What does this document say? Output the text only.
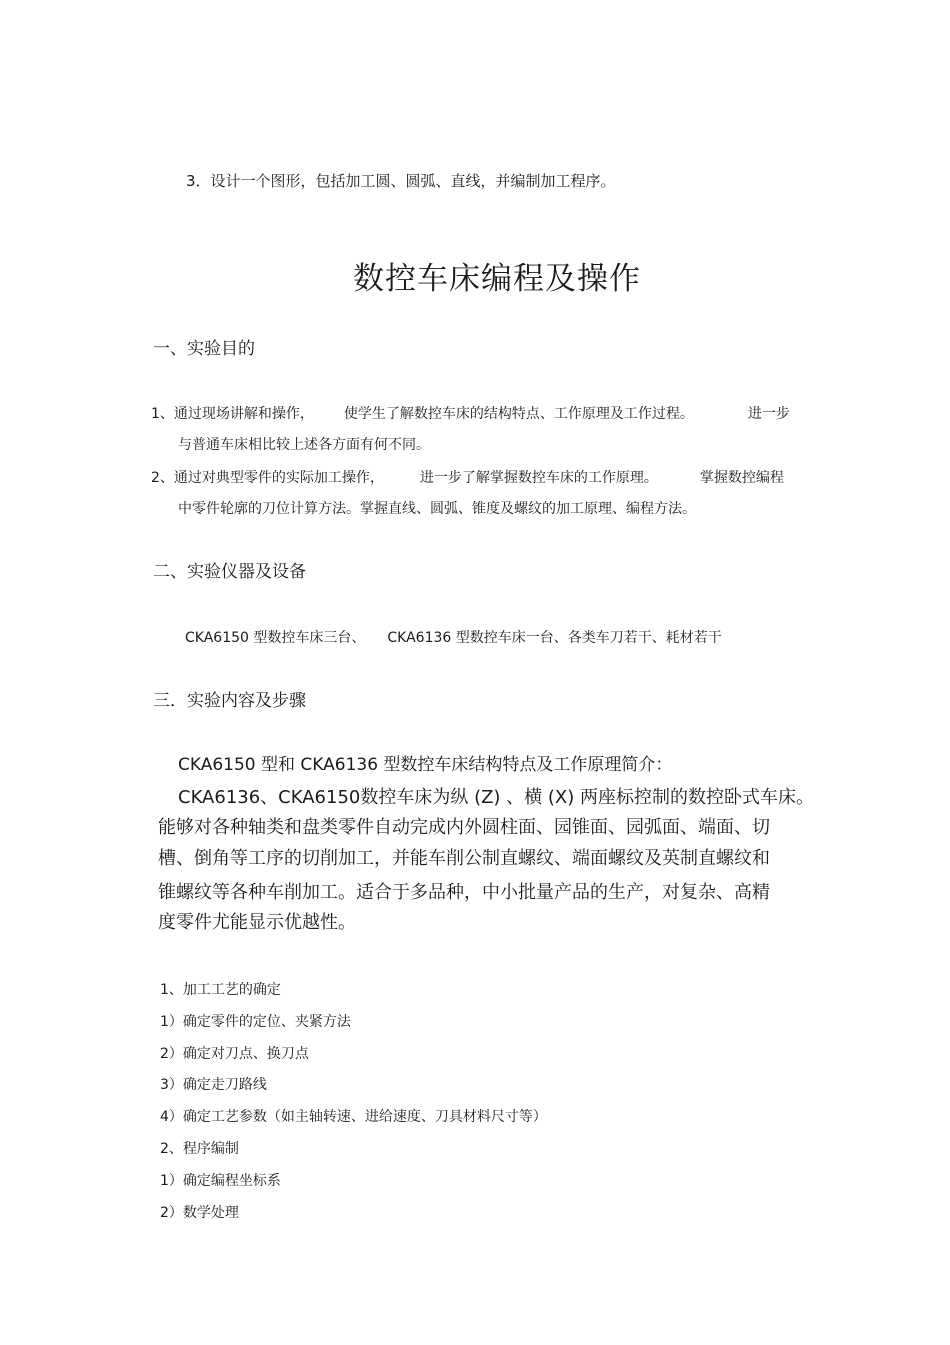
3．设计一个图形，包括加工圆、圆弧、直线，并编制加工程序。
数控车床编程及操作
一、实验目的
1、通过现场讲解和操作， 使学生了解数控车床的结构特点、工作原理及工作过程。	进一步
与普通车床相比较上述各方面有何不同。
2、通过对典型零件的实际加工操作，	进一步了解掌握数控车床的工作原理。	掌握数控编程
中零件轮廓的刀位计算方法。掌握直线、圆弧、锥度及螺纹的加工原理、编程方法。
二、实验仪器及设备
CKA6150 型数控车床三台、 CKA6136 型数控车床一台、各类车刀若干、耗材若干
三．实验内容及步骤
CKA6150 型和 CKA6136 型数控车床结构特点及工作原理简介：
CKA6136、CKA6150数控车床为纵 (Z) 、横 (X) 两座标控制的数控卧式车床。
能够对各种轴类和盘类零件自动完成内外圆柱面、园锥面、园弧面、端面、切
槽、倒角等工序的切削加工，并能车削公制直螺纹、端面螺纹及英制直螺纹和
锥螺纹等各种车削加工。适合于多品种，中小批量产品的生产，对复杂、高精
度零件尤能显示优越性。
1、加工工艺的确定
1）确定零件的定位、夹紧方法
2）确定对刀点、换刀点
3）确定走刀路线
4）确定工艺参数（如主轴转速、进给速度、刀具材料尺寸等）
2、程序编制
1）确定编程坐标系
2）数学处理
